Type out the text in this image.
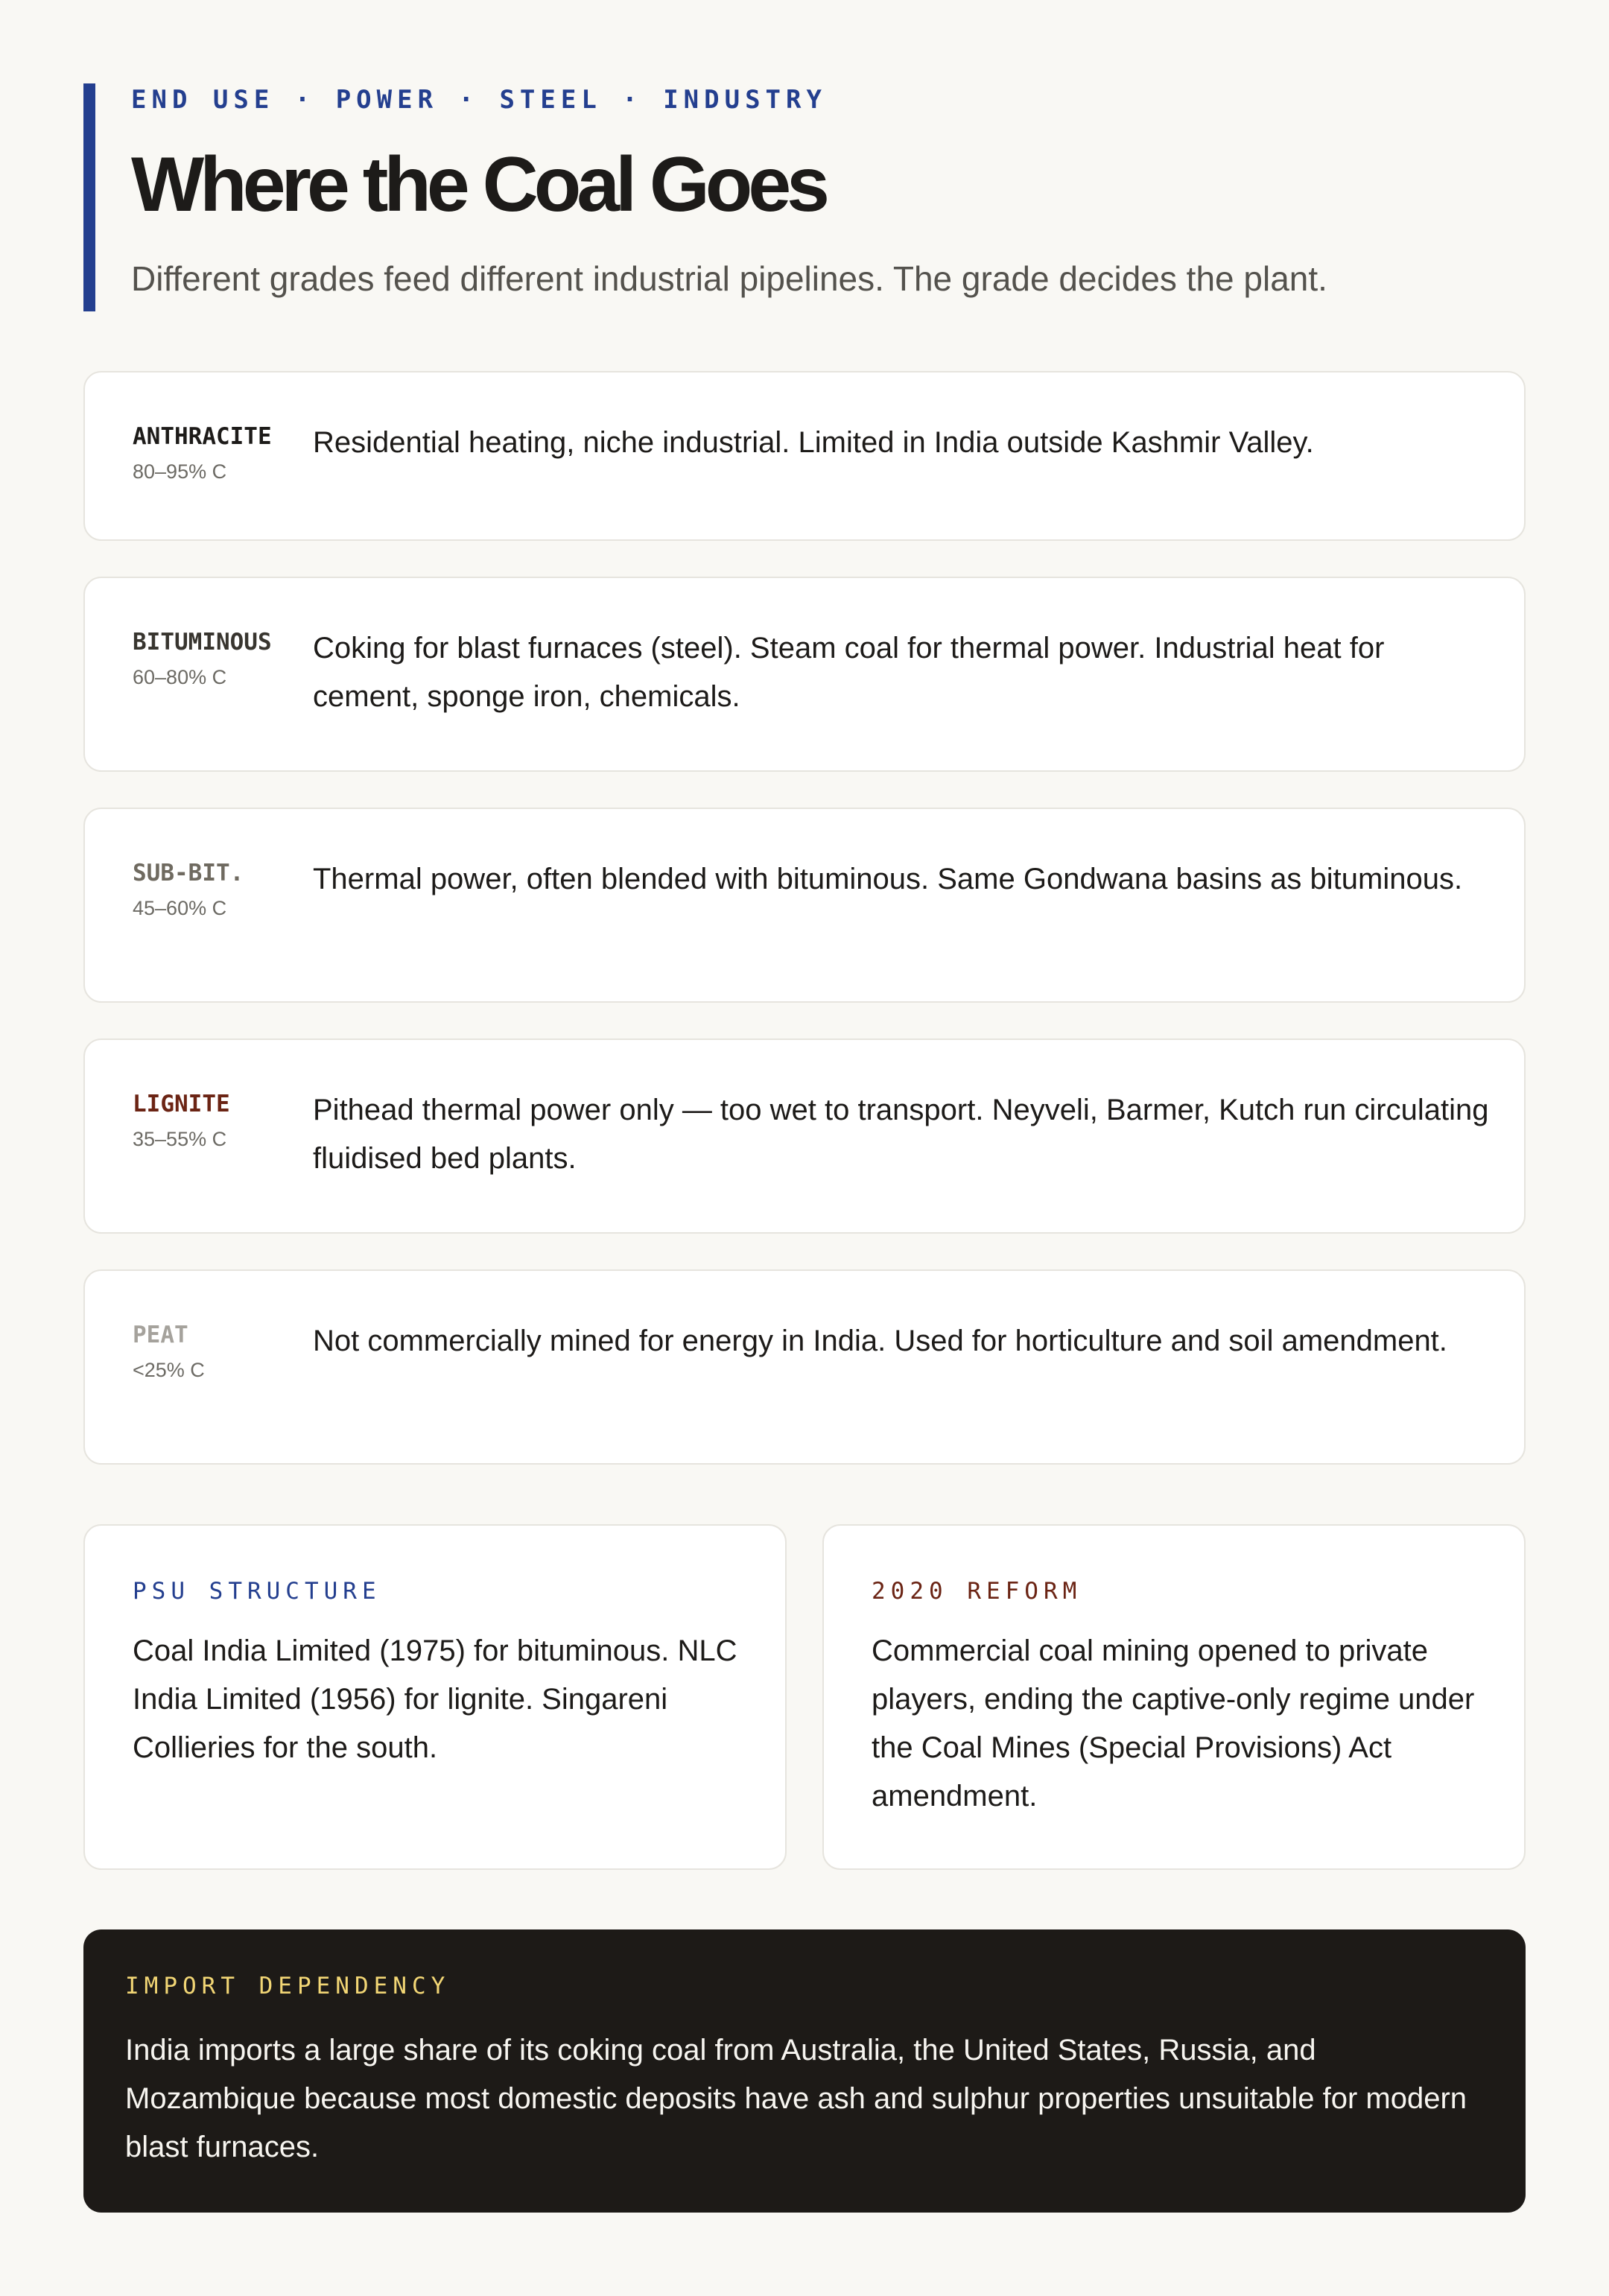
END USE · POWER · STEEL · INDUSTRY
Where the Coal Goes
Different grades feed different industrial pipelines. The grade decides the plant.
ANTHRACITE
80–95% C
Residential heating, niche industrial. Limited in India outside Kashmir Valley.
BITUMINOUS
60–80% C
Coking for blast furnaces (steel). Steam coal for thermal power. Industrial heat for cement, sponge iron, chemicals.
SUB-BIT.
45–60% C
Thermal power, often blended with bituminous. Same Gondwana basins as bituminous.
LIGNITE
35–55% C
Pithead thermal power only — too wet to transport. Neyveli, Barmer, Kutch run circulating fluidised bed plants.
PEAT
<25% C
Not commercially mined for energy in India. Used for horticulture and soil amendment.
PSU STRUCTURE
Coal India Limited (1975) for bituminous. NLC India Limited (1956) for lignite. Singareni Collieries for the south.
2020 REFORM
Commercial coal mining opened to private players, ending the captive-only regime under the Coal Mines (Special Provisions) Act amendment.
IMPORT DEPENDENCY
India imports a large share of its coking coal from Australia, the United States, Russia, and Mozambique because most domestic deposits have ash and sulphur properties unsuitable for modern blast furnaces.
